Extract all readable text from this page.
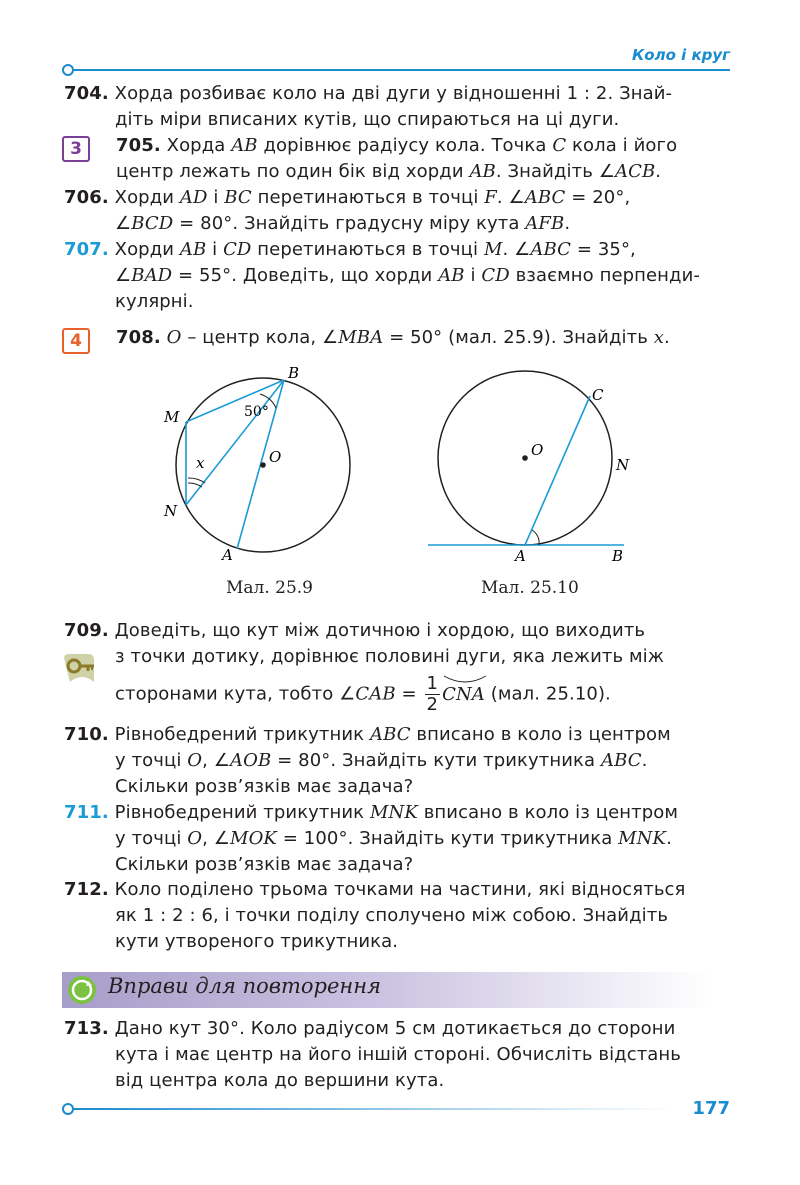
Коло і круг
704. Хорда розбиває коло на дві дуги у відношенні 1 : 2. Знай-
діть міри вписаних кутів, що спираються на ці дуги.
3	705. Хорда AB дорівнює радіусу кола. Точка C кола і його
центр лежать по один бік від хорди AB. Знайдіть ∠ACB.
706. Хорди AD і BC перетинаються в точці F. ∠ABC = 20°,
∠BCD = 80°. Знайдіть градусну міру кута AFB.
707. Хорди AB і CD перетинаються в точці M. ∠ABC = 35°,
∠BAD = 55°. Доведіть, що хорди AB і CD взаємно перпенди-
кулярні.
4	708. O – центр кола, ∠MBA = 50° (мал. 25.9). Знайдіть x.
B
M
N
A
O
x
50°
Мал. 25.9
C
O
N
A	B
Мал. 25.10
709. Доведіть, що кут між дотичною і хордою, що виходить
з точки дотику, дорівнює половині дуги, яка лежить між
сторонами кута, тобто ∠CAB = $\frac{1}{2}$ CNA (мал. 25.10).
710. Рівнобедрений трикутник ABC вписано в коло із центром
у точці O, ∠AOB = 80°. Знайдіть кути трикутника ABC.
Скільки розв’язків має задача?
711. Рівнобедрений трикутник MNK вписано в коло із центром
у точці O, ∠MOK = 100°. Знайдіть кути трикутника MNK.
Скільки розв’язків має задача?
712. Коло поділено трьома точками на частини, які відносяться
як 1 : 2 : 6, і точки поділу сполучено між собою. Знайдіть
кути утвореного трикутника.
Вправи для повторення
713. Дано кут 30°. Коло радіусом 5 см дотикається до сторони
кута і має центр на його іншій стороні. Обчисліть відстань
від центра кола до вершини кута.
177
